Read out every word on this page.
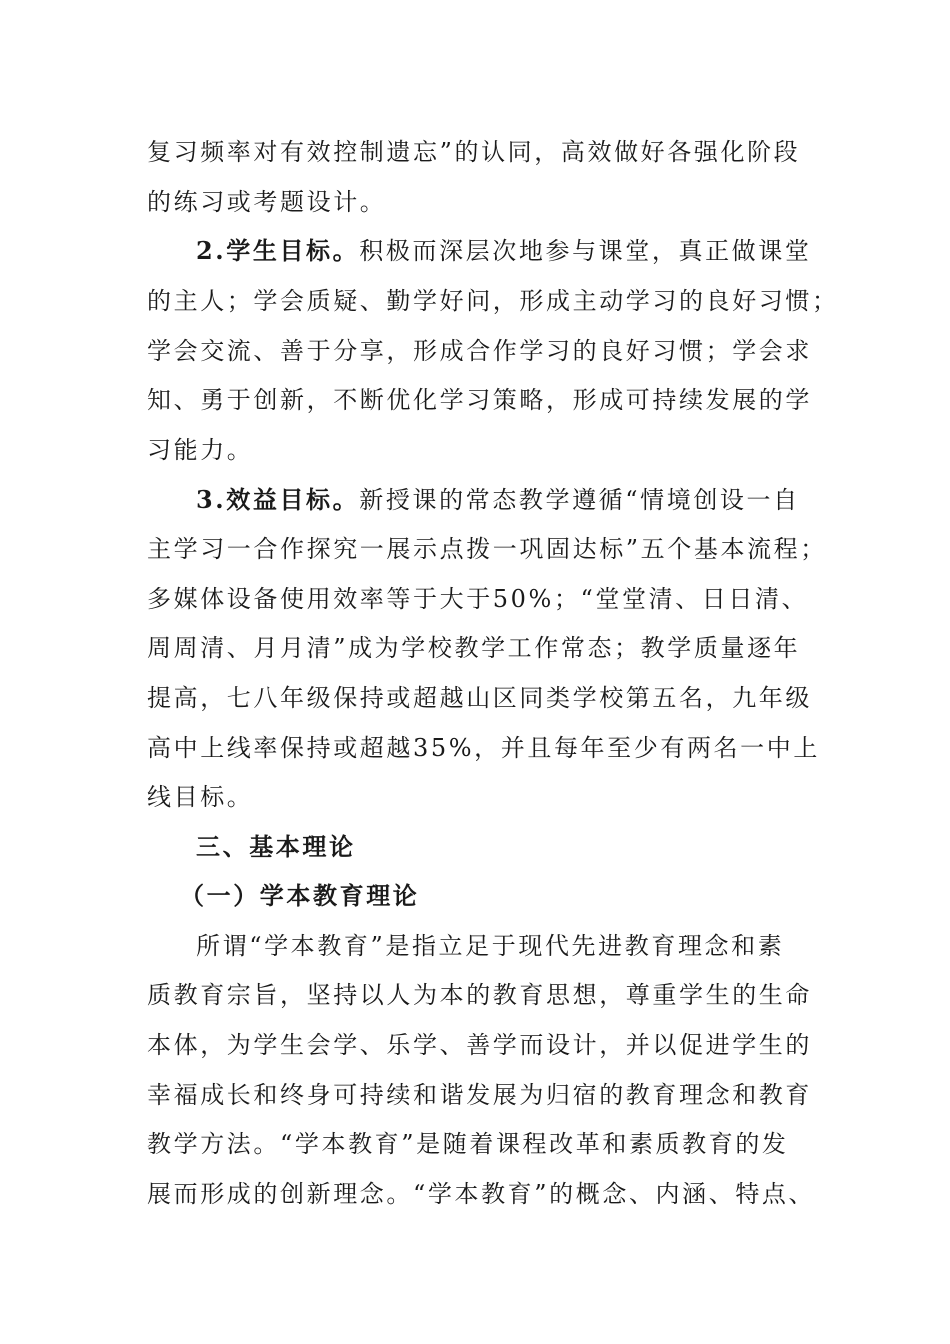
复习频率对有效控制遗忘”的认同，高效做好各强化阶段
的练习或考题设计。
2.学生目标。积极而深层次地参与课堂，真正做课堂
的主人；学会质疑、勤学好问，形成主动学习的良好习惯；
学会交流、善于分享，形成合作学习的良好习惯；学会求
知、勇于创新，不断优化学习策略，形成可持续发展的学
习能力。
3.效益目标。新授课的常态教学遵循“情境创设一自
主学习一合作探究一展示点拨一巩固达标”五个基本流程；
多媒体设备使用效率等于大于50%；“堂堂清、日日清、
周周清、月月清”成为学校教学工作常态；教学质量逐年
提高，七八年级保持或超越山区同类学校第五名，九年级
高中上线率保持或超越35%，并且每年至少有两名一中上
线目标。
三、基本理论
（一）学本教育理论
所谓“学本教育”是指立足于现代先进教育理念和素
质教育宗旨，坚持以人为本的教育思想，尊重学生的生命
本体，为学生会学、乐学、善学而设计，并以促进学生的
幸福成长和终身可持续和谐发展为归宿的教育理念和教育
教学方法。“学本教育”是随着课程改革和素质教育的发
展而形成的创新理念。“学本教育”的概念、内涵、特点、
